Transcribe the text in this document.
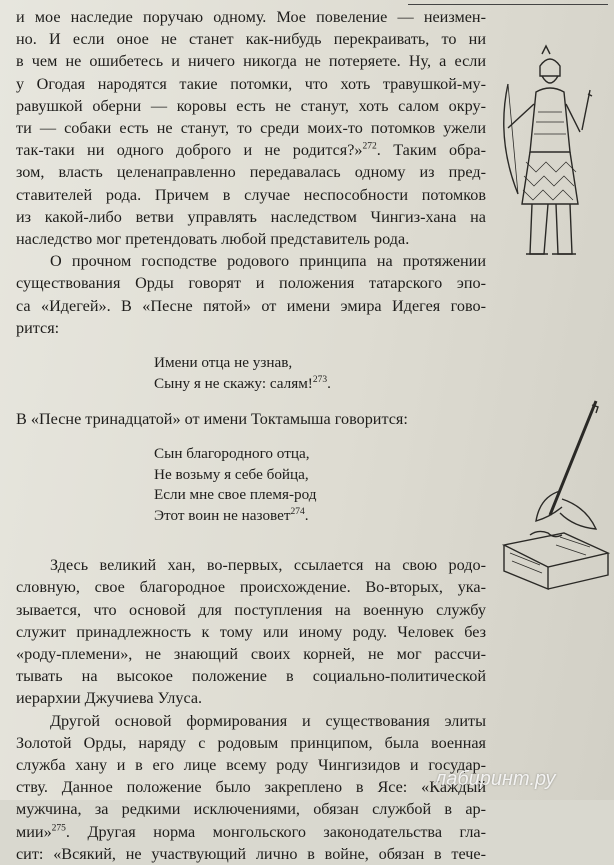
и мое наследие поручаю одному. Мое повеление — неизмен-

но. И если оное не станет как-нибудь перекраивать, то ни

в чем не ошибетесь и ничего никогда не потеряете. Ну, а если

у Огодая народятся такие потомки, что хоть травушкой-му-

равушкой оберни — коровы есть не станут, хоть салом окру-

ти — собаки есть не станут, то среди моих-то потомков ужели

так-таки ни одного доброго и не родится?»$^{272}$. Таким обра-

зом, власть целенаправленно передавалась одному из пред-

ставителей рода. Причем в случае неспособности потомков

из какой-либо ветви управлять наследством Чингиз-хана на

наследство мог претендовать любой представитель рода.

О прочном господстве родового принципа на протяжении

существования Орды говорят и положения татарского эпо-

са «Идегей». В «Песне пятой» от имени эмира Идегея гово-

рится:

Имени отца не узнав,
Сыну я не скажу: салям!$^{273}$.

В «Песне тринадцатой» от имени Токтамыша говорится:

Сын благородного отца,
Не возьму я себе бойца,
Если мне свое племя-род
Этот воин не назовет$^{274}$.

Здесь великий хан, во-первых, ссылается на свою родо-

словную, свое благородное происхождение. Во-вторых, ука-

зывается, что основой для поступления на военную службу

служит принадлежность к тому или иному роду. Человек без

«роду-племени», не знающий своих корней, не мог рассчи-

тывать на высокое положение в социально-политической

иерархии Джучиева Улуса.

Другой основой формирования и существования элиты

Золотой Орды, наряду с родовым принципом, была военная

служба хану и в его лице всему роду Чингизидов и государ-

ству. Данное положение было закреплено в Ясе: «Каждый

мужчина, за редкими исключениями, обязан службой в ар-

мии»$^{275}$. Другая норма монгольского законодательства гла-

сит: «Всякий, не участвующий лично в войне, обязан в тече-

лабиринт.ру
